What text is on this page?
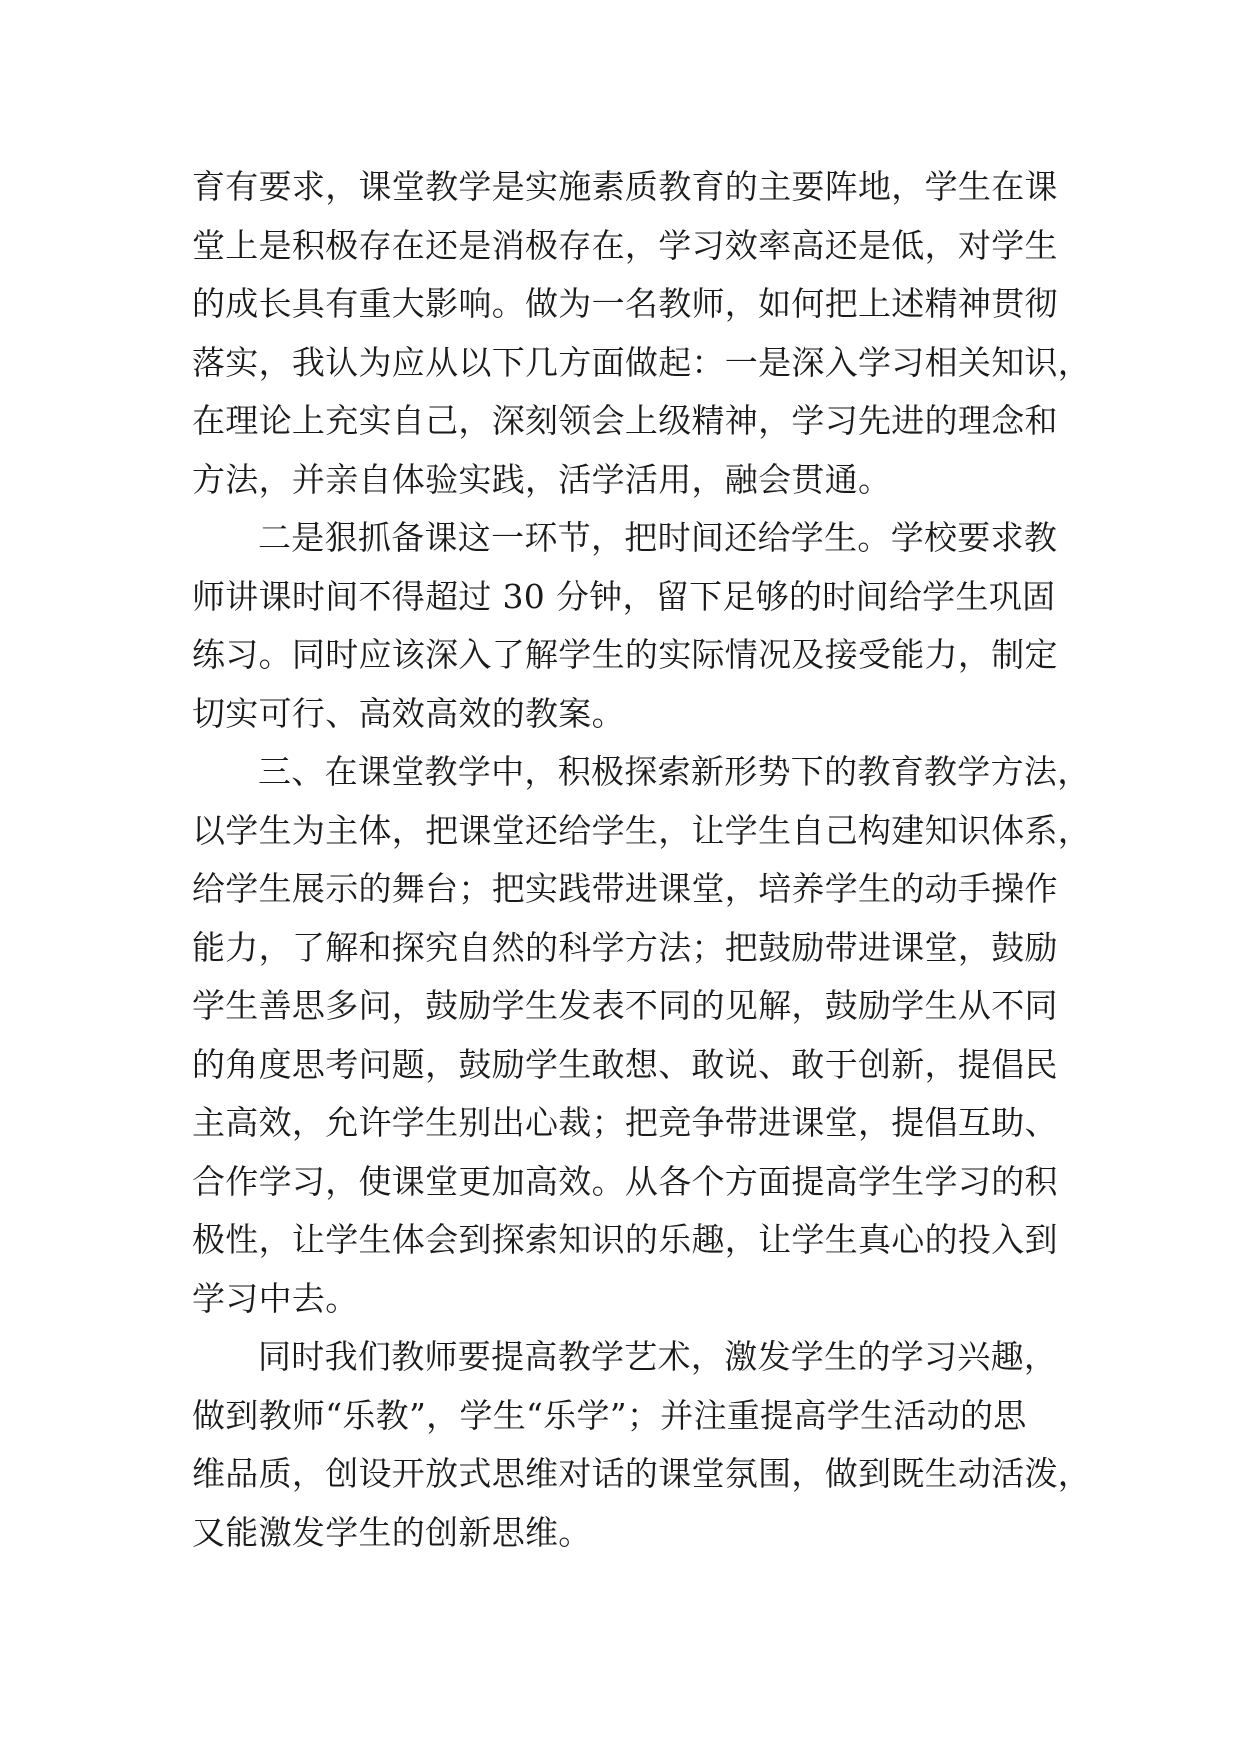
育有要求，课堂教学是实施素质教育的主要阵地，学生在课
堂上是积极存在还是消极存在，学习效率高还是低，对学生
的成长具有重大影响。做为一名教师，如何把上述精神贯彻
落实，我认为应从以下几方面做起：一是深入学习相关知识，
在理论上充实自己，深刻领会上级精神，学习先进的理念和
方法，并亲自体验实践，活学活用，融会贯通。
二是狠抓备课这一环节，把时间还给学生。学校要求教
师讲课时间不得超过 30 分钟，留下足够的时间给学生巩固
练习。同时应该深入了解学生的实际情况及接受能力，制定
切实可行、高效高效的教案。
三、在课堂教学中，积极探索新形势下的教育教学方法，
以学生为主体，把课堂还给学生，让学生自己构建知识体系，
给学生展示的舞台；把实践带进课堂，培养学生的动手操作
能力，了解和探究自然的科学方法；把鼓励带进课堂，鼓励
学生善思多问，鼓励学生发表不同的见解，鼓励学生从不同
的角度思考问题，鼓励学生敢想、敢说、敢于创新，提倡民
主高效，允许学生别出心裁；把竞争带进课堂，提倡互助、
合作学习，使课堂更加高效。从各个方面提高学生学习的积
极性，让学生体会到探索知识的乐趣，让学生真心的投入到
学习中去。
同时我们教师要提高教学艺术，激发学生的学习兴趣，
做到教师“乐教”，学生“乐学”；并注重提高学生活动的思
维品质，创设开放式思维对话的课堂氛围，做到既生动活泼，
又能激发学生的创新思维。
